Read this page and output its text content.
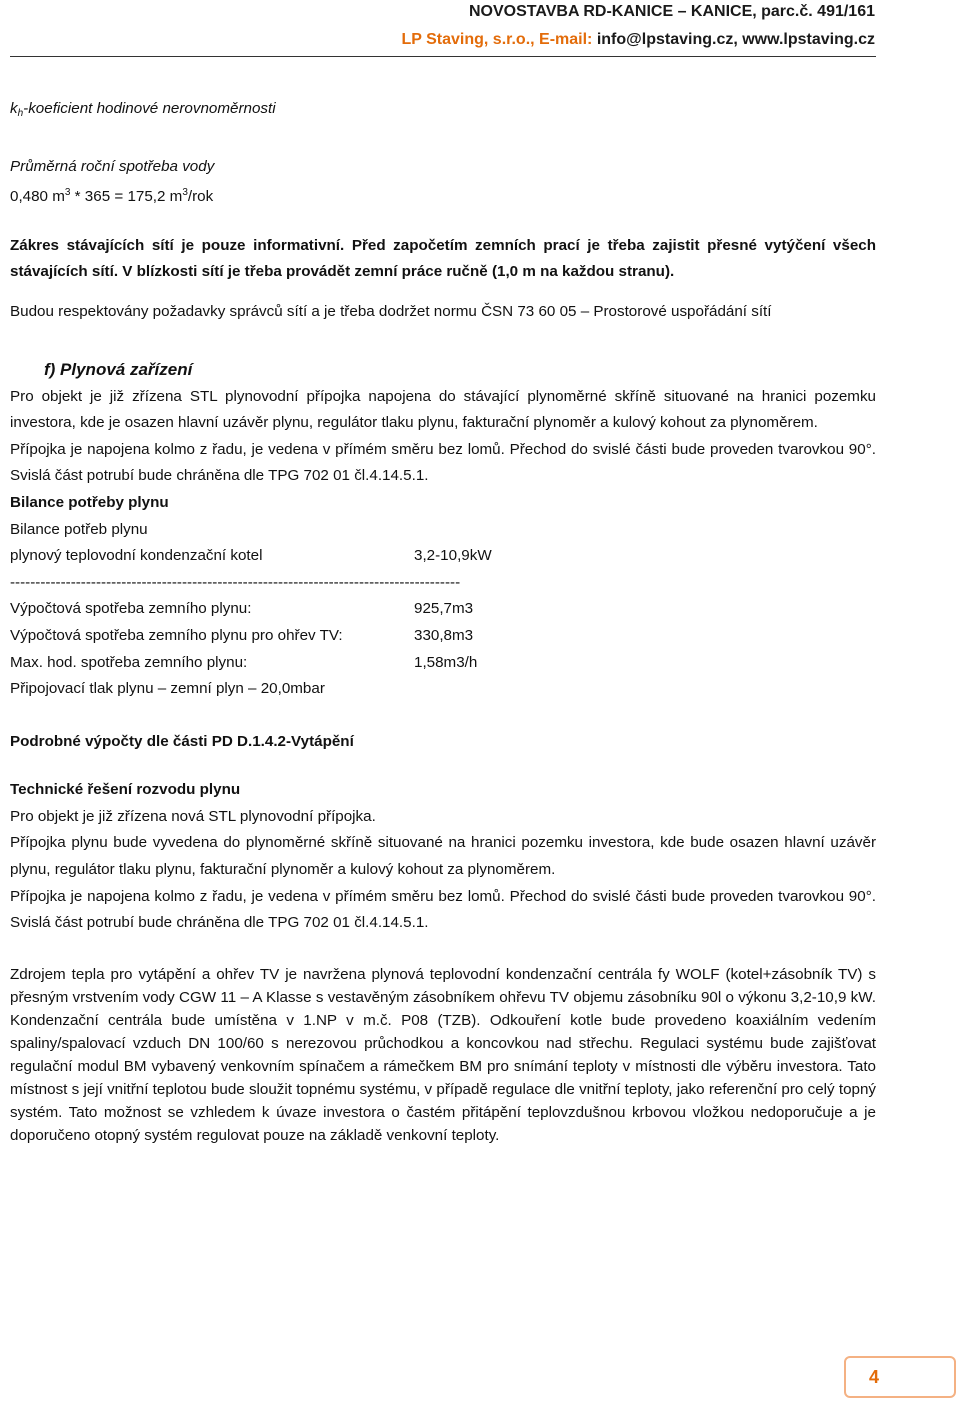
NOVOSTAVBA RD-KANICE – KANICE, parc.č. 491/161
LP Staving, s.r.o., E-mail: info@lpstaving.cz, www.lpstaving.cz

$k_h$-koeficient hodinové nerovnoměrnosti

Průměrná roční spotřeba vody

0,480 $m^3 * 365 = 175,2$ $m^3$/rok

Zákres stávajících sítí je pouze informativní. Před započetím zemních prací je třeba zajistit přesné vytýčení všech stávajících sítí. V blízkosti sítí je třeba provádět zemní práce ručně (1,0 m na každou stranu).

Budou respektovány požadavky správců sítí a je třeba dodržet normu ČSN 73 60 05 – Prostorové uspořádání sítí

f) Plynová zařízení

Pro objekt je již zřízena STL plynovodní přípojka napojena do stávající plynoměrné skříně situované na hranici pozemku investora, kde je osazen hlavní uzávěr plynu, regulátor tlaku plynu, fakturační plynoměr a kulový kohout za plynoměrem.

Přípojka je napojena kolmo z řadu, je vedena v přímém směru bez lomů. Přechod do svislé části bude proveden tvarovkou 90°. Svislá část potrubí bude chráněna dle TPG 702 01 čl.4.14.5.1.

Bilance potřeby plynu

Bilance potřeb plynu

plynový teplovodní kondenzační kotel	3,2-10,9kW
-----------------------------------------------------------------------------------------
Výpočtová spotřeba zemního plynu:	925,7m3
Výpočtová spotřeba zemního plynu pro ohřev TV:	330,8m3
Max. hod. spotřeba zemního plynu:	1,58m3/h

Připojovací tlak plynu – zemní plyn – 20,0mbar

Podrobné výpočty dle části PD D.1.4.2-Vytápění

Technické řešení rozvodu plynu

Pro objekt je již zřízena nová STL plynovodní přípojka.

Přípojka plynu bude vyvedena do plynoměrné skříně situované na hranici pozemku investora, kde bude osazen hlavní uzávěr plynu, regulátor tlaku plynu, fakturační plynoměr a kulový kohout za plynoměrem.

Přípojka je napojena kolmo z řadu, je vedena v přímém směru bez lomů. Přechod do svislé části bude proveden tvarovkou 90°. Svislá část potrubí bude chráněna dle TPG 702 01 čl.4.14.5.1.

Zdrojem tepla pro vytápění a ohřev TV je navržena plynová teplovodní kondenzační centrála fy WOLF (kotel+zásobník TV) s přesným vrstvením vody CGW 11 – A Klasse s vestavěným zásobníkem ohřevu TV objemu zásobníku 90l o výkonu 3,2-10,9 kW. Kondenzační centrála bude umístěna v 1.NP v m.č. P08 (TZB). Odkouření kotle bude provedeno koaxiálním vedením spaliny/spalovací vzduch DN 100/60 s nerezovou průchodkou a koncovkou nad střechu. Regulaci systému bude zajišťovat regulační modul BM vybavený venkovním spínačem a rámečkem BM pro snímání teploty v místnosti dle výběru investora. Tato místnost s její vnitřní teplotou bude sloužit topnému systému, v případě regulace dle vnitřní teploty, jako referenční pro celý topný systém. Tato možnost se vzhledem k úvaze investora o častém přitápění teplovzdušnou krbovou vložkou nedoporučuje a je doporučeno otopný systém regulovat pouze na základě venkovní teploty.

4
